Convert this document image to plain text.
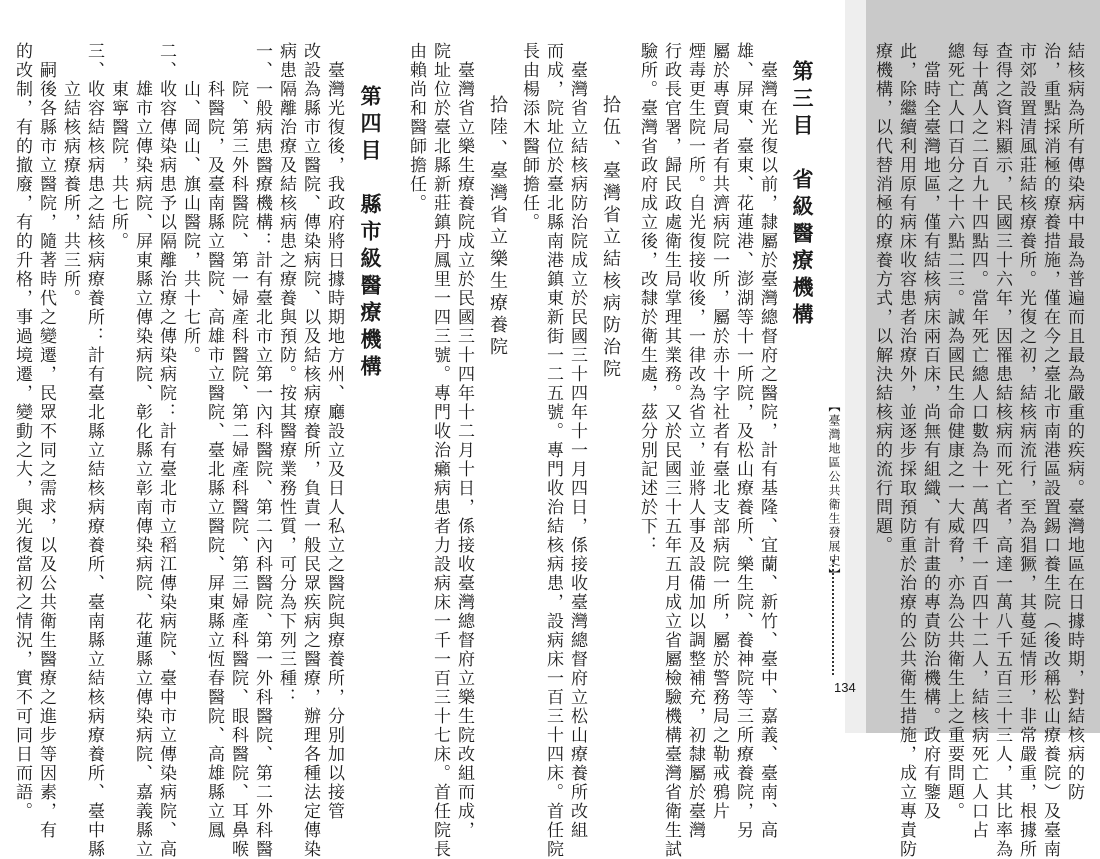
結核病為所有傳染病中最為普遍而且最為嚴重的疾病。臺灣地區在日據時期，對結核病的防
治，重點採消極的療養措施，僅在今之臺北市南港區設置錫口養生院（後改稱松山療養院）及臺南
市郊設置清風莊結核療養所。光復之初，結核病流行，至為猖獗，其蔓延情形，非常嚴重，根據所
查得之資料顯示，民國三十六年，因罹患結核病而死亡者，高達一萬八千五百三十三人，其比率為
每十萬人之二百九十四點四。當年死亡總人口數為十一萬四千一百四十二人，結核病死亡人口占
總死亡人口百分之十六點二三。誠為國民生命健康之一大威脅，亦為公共衛生上之重要問題。
　當時全臺灣地區，僅有結核病床兩百床，尚無有組織、有計畫的專責防治機構。政府有鑒及
此，除繼續利用原有病床收容患者治療外，並逐步採取預防重於治療的公共衛生措施，成立專責防
療機構，以代替消極的療養方式，以解決結核病的流行問題。
【臺灣地區公共衛生發展史】
134
第三目　省級醫療機構
　臺灣在光復以前，隸屬於臺灣總督府之醫院，計有基隆、宜蘭、新竹、臺中、嘉義、臺南、高
雄、屏東、臺東、花蓮港、澎湖等十一所院，及松山療養所、樂生院、養神院等三所療養院，另
屬於專賣局者有共濟病院一所，屬於赤十字社者有臺北支部病院一所，屬於警務局之勒戒鴉片
煙毒更生院一所。自光復接收後，一律改為省立，並將人事及設備加以調整補充，初隸屬於臺灣
行政長官署，歸民政處衛生局掌理其業務。又於民國三十五年五月成立省屬檢驗機構臺灣省衛生試
驗所。臺灣省政府成立後，改隸於衛生處，茲分別記述於下：
拾伍、臺灣省立結核病防治院
　臺灣省立結核病防治院成立於民國三十四年十一月四日，係接收臺灣總督府立松山療養所改組
而成，院址位於臺北縣南港鎮東新街一二五號。專門收治結核病患，設病床一百三十四床。首任院
長由楊添木醫師擔任。
拾陸、臺灣省立樂生療養院
　臺灣省立樂生療養院成立於民國三十四年十二月十日，係接收臺灣總督府立樂生院改組而成，
院址位於臺北縣新莊鎮丹鳳里一四三號。專門收治癩病患者力設病床一千一百三十七床。首任院長
由賴尚和醫師擔任。
第四目　縣市級醫療機構
　臺灣光復後，我政府將日據時期地方州、廳設立及日人私立之醫院與療養所，分別加以接管
改設為縣市立醫院、傳染病院、以及結核病療養所，負責一般民眾疾病之醫療，辦理各種法定傳染
病患隔離治療及結核病患之療養與預防。按其醫療業務性質，可分為下列三種：
一、一般病患醫療機構：計有臺北市立第一內科醫院、第二內科醫院、第一外科醫院、第二外科醫
　　院、第三外科醫院、第一婦產科醫院、第二婦產科醫院、第三婦產科醫院、眼科醫院、耳鼻喉
　　科醫院，及臺南縣立醫院、高雄市立醫院、臺北縣立醫院、屏東縣立恆春醫院、高雄縣立鳳
　　山、岡山、旗山醫院，共十七所。
二、收容傳染病患予以隔離治療之傳染病院：計有臺北市立稻江傳染病院、臺中市立傳染病院、高
　　雄市立傳染病院、屏東縣立傳染病院、彰化縣立彰南傳染病院、花蓮縣立傳染病院、嘉義縣立
　　東寧醫院，共七所。
三、收容結核病患之結核病療養所：計有臺北縣立結核病療養所、臺南縣立結核病療養所、臺中縣
　　立結核病療養所，共三所。
　嗣後各縣市立醫院，隨著時代之變遷，民眾不同之需求，以及公共衛生醫療之進步等因素，有
的改制，有的撤廢，有的升格，事過境遷，變動之大，與光復當初之情況，實不可同日而語。
